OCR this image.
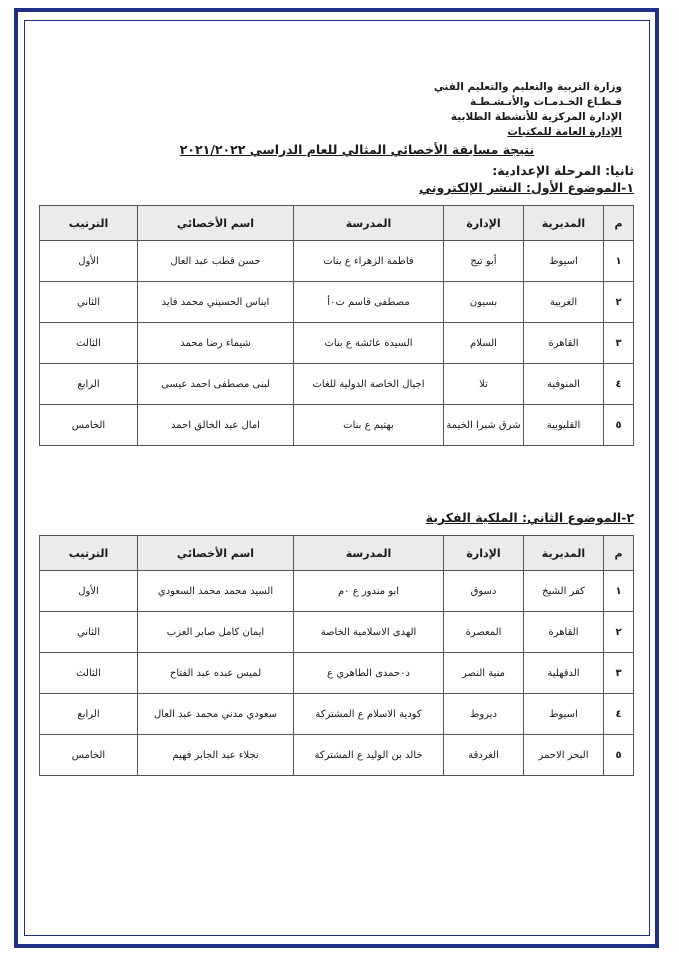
وزارة التربية والتعليم والتعليم الفني
قـطـاع الخـدمـات والأنـشـطـة
الإدارة المركزية للأنشطة الطلابية
الإدارة العامة للمكتبات
نتيجة مسابقة الأخصائي المثالي للعام الدراسي ٢٠٢١/٢٠٢٢
ثانيا: المرحلة الإعدادية:
١-الموضوع الأول: النشر الإلكتروني
م	المديرية	الإدارة	المدرسة	اسم الأخصائي	الترتيب
١	اسيوط	أبو تيج	فاطمة الزهراء ع بنات	حسن قطب عبد العال	الأول
٢	الغربية	بسيون	مصطفى قاسم ت٠أ	ايناس الحسيني محمد فايد	الثاني
٣	القاهرة	السلام	السيدة عائشة ع بنات	شيماء رضا محمد	الثالث
٤	المنوفية	تلا	اجيال الخاصة الدولية للغات	لبنى مصطفى احمد عيسى	الرابع
٥	القليوبية	شرق شبرا الخيمة	بهتيم ع بنات	امال عبد الخالق احمد	الخامس
٢-الموضوع الثاني: الملكية الفكرية
م	المديرية	الإدارة	المدرسة	اسم الأخصائي	الترتيب
١	كفر الشيخ	دسوق	ابو مندور ع ٠م	السيد محمد محمد السعودي	الأول
٢	القاهرة	المعصرة	الهدى الاسلامية الخاصة	ايمان كامل صابر العزب	الثاني
٣	الدقهلية	منية النصر	د٠حمدى الطاهري ع	لميس عبده عبد الفتاح	الثالث
٤	اسيوط	ديروط	كودية الاسلام ع المشتركة	سعودي مدني محمد عبد العال	الرابع
٥	البحر الاحمر	الغردقة	خالد بن الوليد ع المشتركة	نجلاء عبد الجابر فهيم	الخامس
